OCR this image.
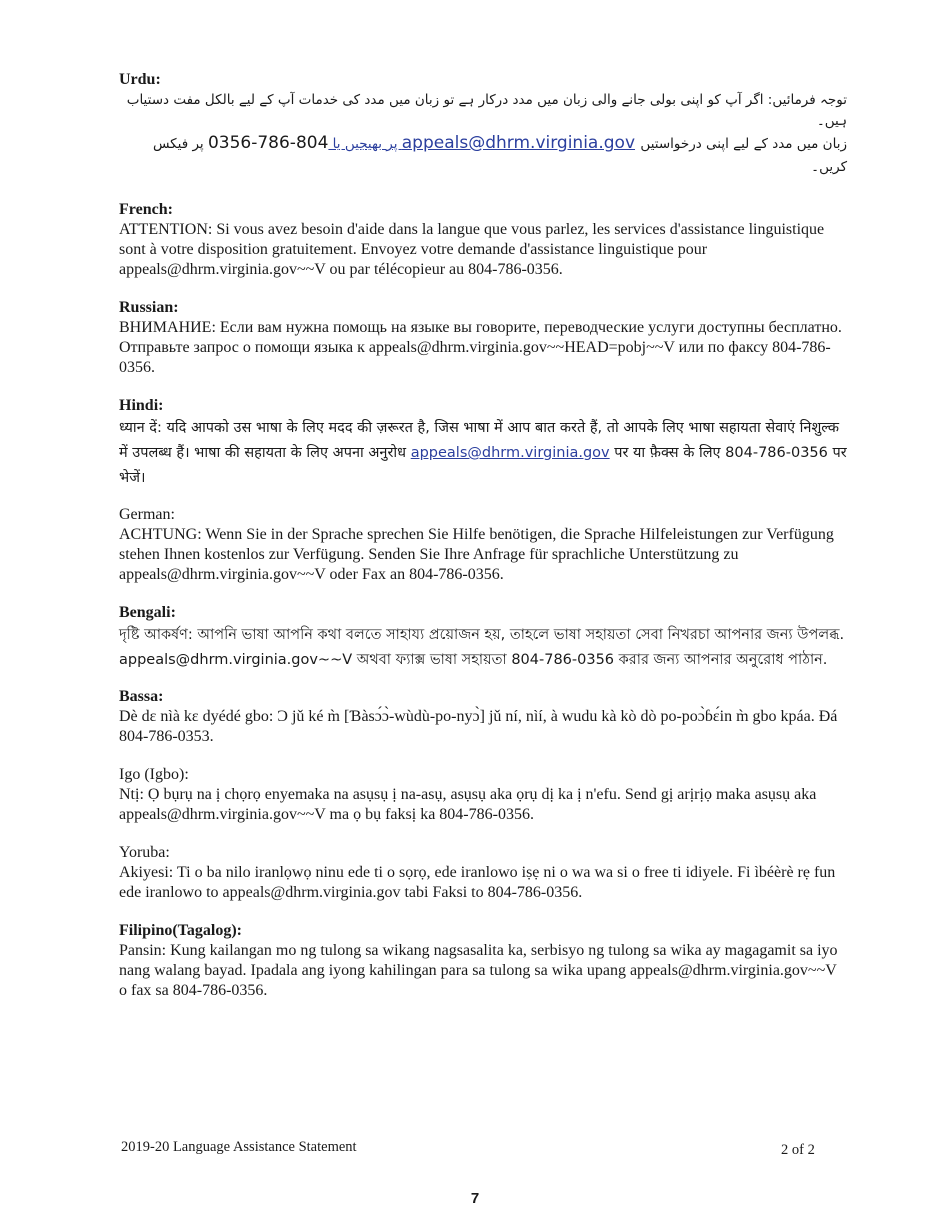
Urdu:

توجہ فرمائیں: اگر آپ کو اپنی بولی جانے والی زبان میں مدد درکار ہے تو زبان میں مدد کی خدمات آپ کے لیے بالکل مفت دستیاب ہیں۔

زبان میں مدد کے لیے اپنی درخواستیں appeals@dhrm.virginia.gov پر بھیجیں یا 804-786-0356 پر فیکس کریں۔

French:

ATTENTION: Si vous avez besoin d'aide dans la langue que vous parlez, les services d'assistance linguistique sont à votre disposition gratuitement. Envoyez votre demande d'assistance linguistique pour appeals@dhrm.virginia.gov~~V ou par télécopieur au 804-786-0356.

Russian:

ВНИМАНИЕ: Если вам нужна помощь на языке вы говорите, переводческие услуги доступны бесплатно. Отправьте запрос о помощи языка к appeals@dhrm.virginia.gov~~HEAD=pobj~~V или по факсу 804-786-0356.

Hindi:

ध्यान दें: यदि आपको उस भाषा के लिए मदद की ज़रूरत है, जिस भाषा में आप बात करते हैं, तो आपके लिए भाषा सहायता सेवाएं निशुल्क में उपलब्ध हैं। भाषा की सहायता के लिए अपना अनुरोध appeals@dhrm.virginia.gov पर या फ़ैक्स के लिए 804-786-0356 पर भेजें।

German:

ACHTUNG: Wenn Sie in der Sprache sprechen Sie Hilfe benötigen, die Sprache Hilfeleistungen zur Verfügung stehen Ihnen kostenlos zur Verfügung. Senden Sie Ihre Anfrage für sprachliche Unterstützung zu appeals@dhrm.virginia.gov~~V oder Fax an 804-786-0356.

Bengali:

দৃষ্টি আকর্ষণ: আপনি ভাষা আপনি কথা বলতে সাহায্য প্রয়োজন হয়, তাহলে ভাষা সহায়তা সেবা নিখরচা আপনার জন্য উপলব্ধ. appeals@dhrm.virginia.gov~~V অথবা ফ্যাক্স ভাষা সহায়তা 804-786-0356 করার জন্য আপনার অনুরোধ পাঠান.

Bassa:

Dè dɛ nìà kɛ dyédé gbo: Ɔ jǔ ké m̀ [Ɓàsɔ́ɔ̀-wùdù-po-nyɔ̀] jǔ ní, nìí, à wudu kà kò dò po-poɔ̀ɓɛ́in m̀ gbo kpáa. Ɖá 804-786-0353.

Igo (Igbo):

Ntị: Ọ bụrụ na ị chọrọ enyemaka na asụsụ ị na-asụ, asụsụ aka ọrụ dị ka ị n'efu. Send gị arịrịọ maka asụsụ aka appeals@dhrm.virginia.gov~~V ma ọ bụ faksị ka 804-786-0356.

Yoruba:

Akiyesi: Ti o ba nilo iranlọwọ ninu ede ti o sọrọ, ede iranlowo iṣẹ ni o wa wa si o free ti idiyele. Fi ìbéèrè rẹ fun ede iranlowo to appeals@dhrm.virginia.gov tabi Faksi to 804-786-0356.

Filipino(Tagalog):

Pansin: Kung kailangan mo ng tulong sa wikang nagsasalita ka, serbisyo ng tulong sa wika ay magagamit sa iyo nang walang bayad. Ipadala ang iyong kahilingan para sa tulong sa wika upang appeals@dhrm.virginia.gov~~V o fax sa 804-786-0356.

2019-20 Language Assistance Statement	2 of 2
7
